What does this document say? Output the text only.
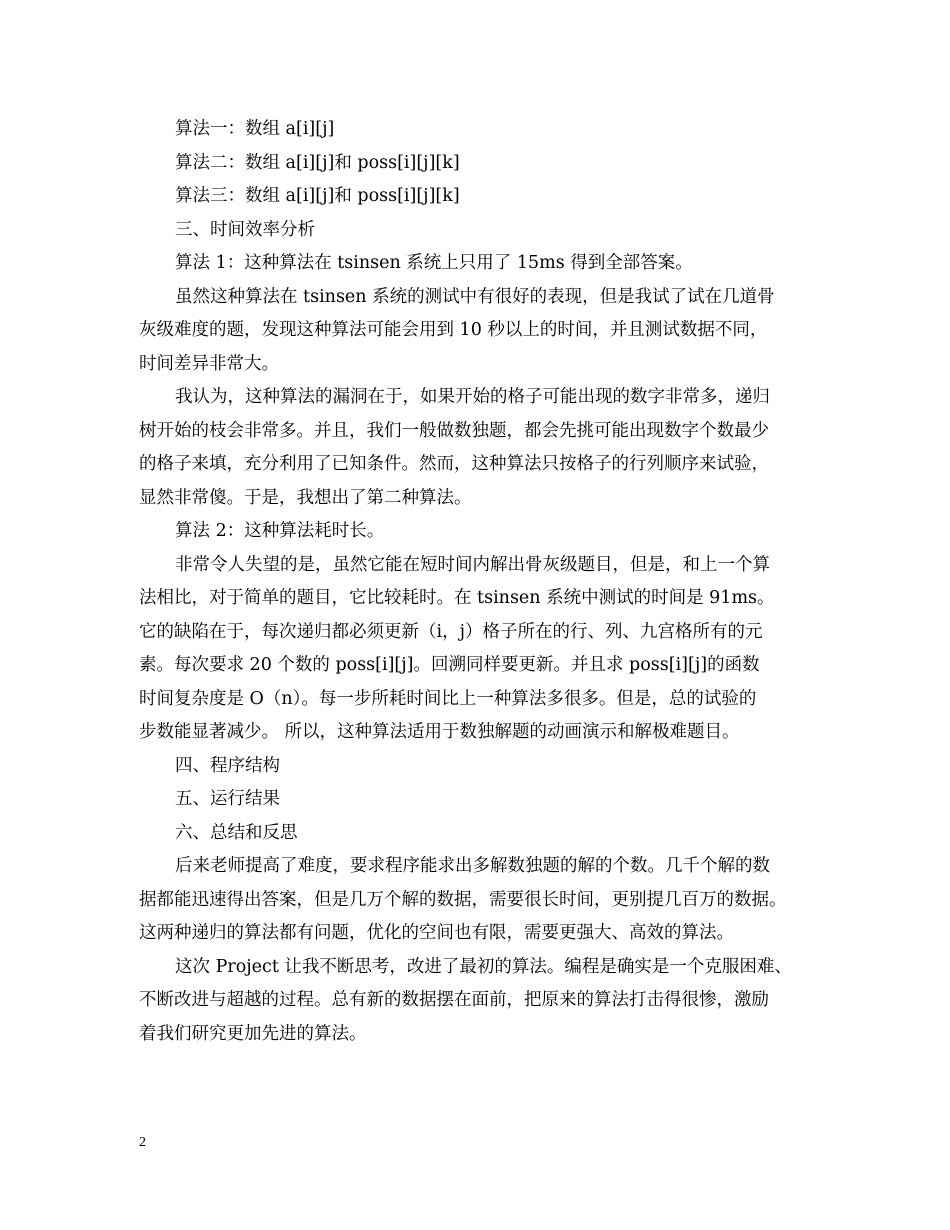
算法一：数组 a[i][j]
算法二：数组 a[i][j]和 poss[i][j][k]
算法三：数组 a[i][j]和 poss[i][j][k]
三、时间效率分析
算法 1：这种算法在 tsinsen 系统上只用了 15ms 得到全部答案。
虽然这种算法在 tsinsen 系统的测试中有很好的表现，但是我试了试在几道骨
灰级难度的题，发现这种算法可能会用到 10 秒以上的时间，并且测试数据不同，
时间差异非常大。
我认为，这种算法的漏洞在于，如果开始的格子可能出现的数字非常多，递归
树开始的枝会非常多。并且，我们一般做数独题，都会先挑可能出现数字个数最少
的格子来填，充分利用了已知条件。然而，这种算法只按格子的行列顺序来试验，
显然非常傻。于是，我想出了第二种算法。
算法 2：这种算法耗时长。
非常令人失望的是，虽然它能在短时间内解出骨灰级题目，但是，和上一个算
法相比，对于简单的题目，它比较耗时。在 tsinsen 系统中测试的时间是 91ms。
它的缺陷在于，每次递归都必须更新（i，j）格子所在的行、列、九宫格所有的元
素。每次要求 20 个数的 poss[i][j]。回溯同样要更新。并且求 poss[i][j]的函数
时间复杂度是 O（n）。每一步所耗时间比上一种算法多很多。但是，总的试验的
步数能显著减少。 所以，这种算法适用于数独解题的动画演示和解极难题目。
四、程序结构
五、运行结果
六、总结和反思
后来老师提高了难度，要求程序能求出多解数独题的解的个数。几千个解的数
据都能迅速得出答案，但是几万个解的数据，需要很长时间，更别提几百万的数据。
这两种递归的算法都有问题，优化的空间也有限，需要更强大、高效的算法。
这次 Project 让我不断思考，改进了最初的算法。编程是确实是一个克服困难、
不断改进与超越的过程。总有新的数据摆在面前，把原来的算法打击得很惨，激励
着我们研究更加先进的算法。
2
